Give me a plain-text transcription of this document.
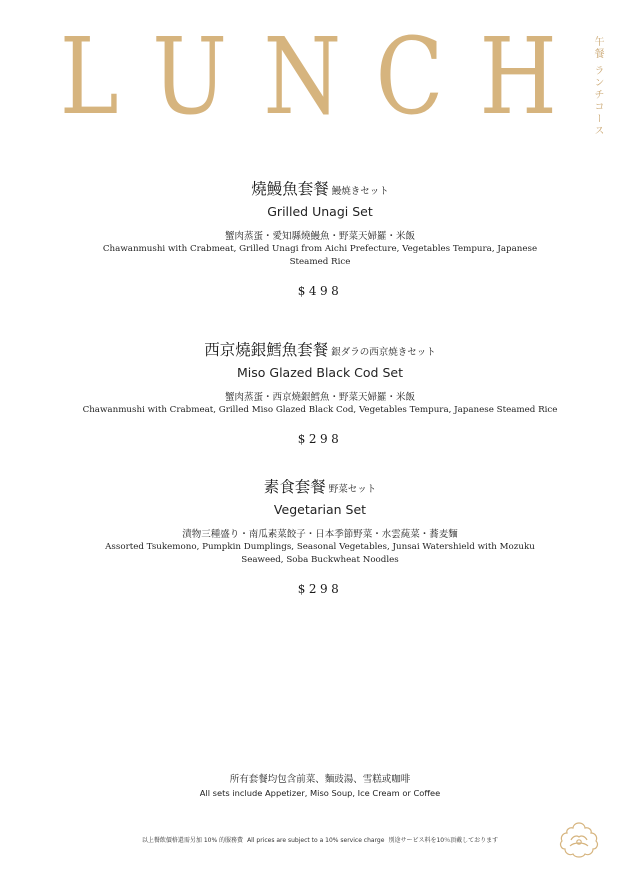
L U N C H	午餐 ランチコース
燒鰻魚套餐 鰻焼きセット
Grilled Unagi Set
蟹肉蒸蛋・愛知縣燒鰻魚・野菜天婦羅・米飯
Chawanmushi with Crabmeat, Grilled Unagi from Aichi Prefecture, Vegetables Tempura, Japanese Steamed Rice
$498
西京燒銀鱈魚套餐 銀ダラの西京焼きセット
Miso Glazed Black Cod Set
蟹肉蒸蛋・西京燒銀鱈魚・野菜天婦羅・米飯
Chawanmushi with Crabmeat, Grilled Miso Glazed Black Cod, Vegetables Tempura, Japanese Steamed Rice
$298
素食套餐 野菜セット
Vegetarian Set
漬物三種盛り・南瓜素菜餃子・日本季節野菜・水雲蒓菜・蕎麦麵
Assorted Tsukemono, Pumpkin Dumplings, Seasonal Vegetables, Junsai Watershield with Mozuku Seaweed, Soba Buckwheat Noodles
$298
所有套餐均包含前菜、麵豉湯、雪糕或咖啡
All sets include Appetizer, Miso Soup, Ice Cream or Coffee
以上餐飲價格還需另加 10% 的服務費 All prices are subject to a 10% service charge 別途サービス料を10％頂戴しております
